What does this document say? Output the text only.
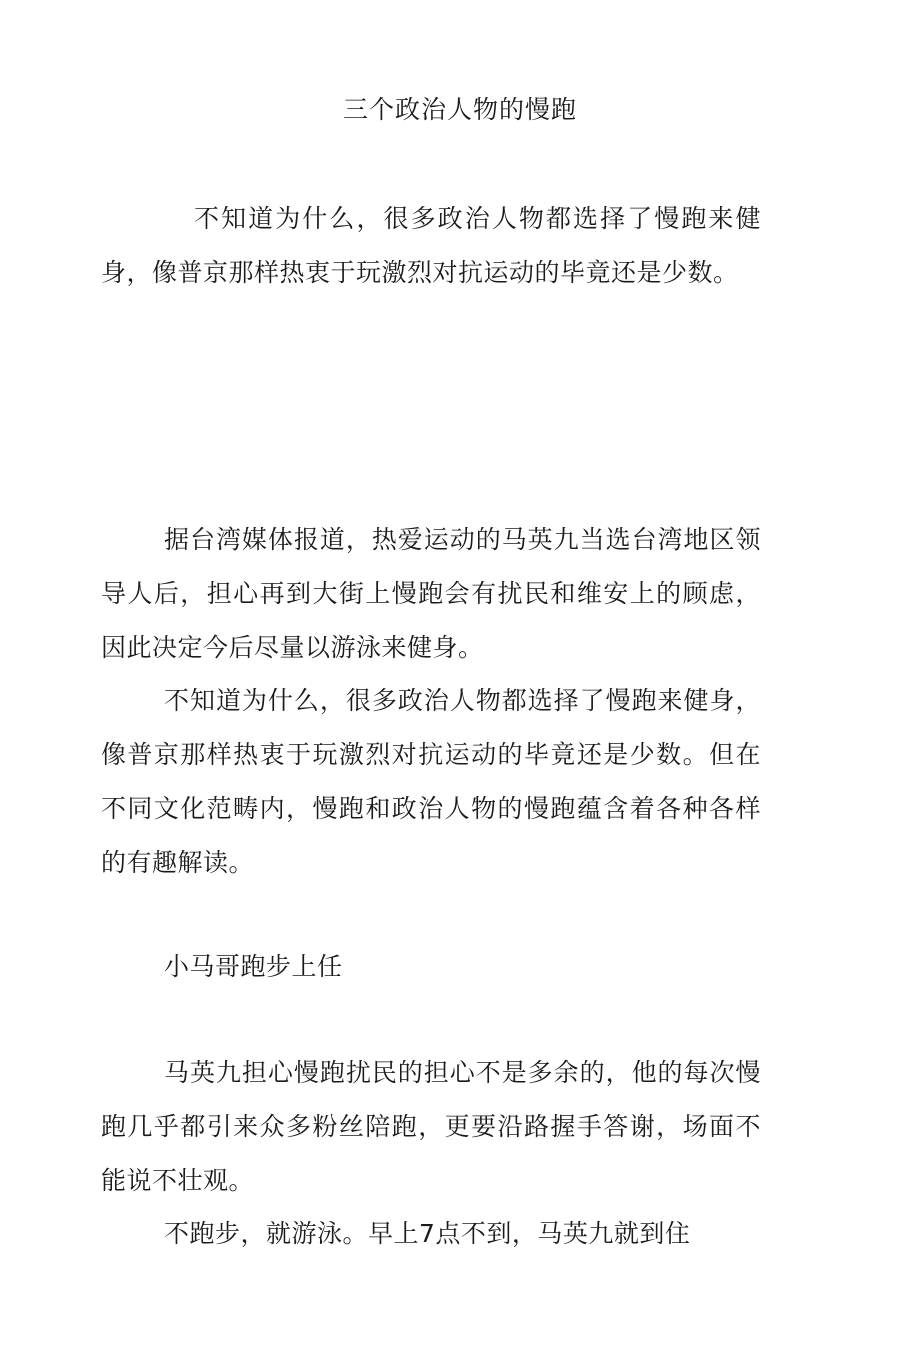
三个政治人物的慢跑

不知道为什么，很多政治人物都选择了慢跑来健身，像普京那样热衷于玩激烈对抗运动的毕竟还是少数。

据台湾媒体报道，热爱运动的马英九当选台湾地区领导人后，担心再到大街上慢跑会有扰民和维安上的顾虑，因此决定今后尽量以游泳来健身。

不知道为什么，很多政治人物都选择了慢跑来健身，像普京那样热衷于玩激烈对抗运动的毕竟还是少数。但在不同文化范畴内，慢跑和政治人物的慢跑蕴含着各种各样的有趣解读。

小马哥跑步上任

马英九担心慢跑扰民的担心不是多余的，他的每次慢跑几乎都引来众多粉丝陪跑，更要沿路握手答谢，场面不能说不壮观。

不跑步，就游泳。早上7点不到，马英九就到住
